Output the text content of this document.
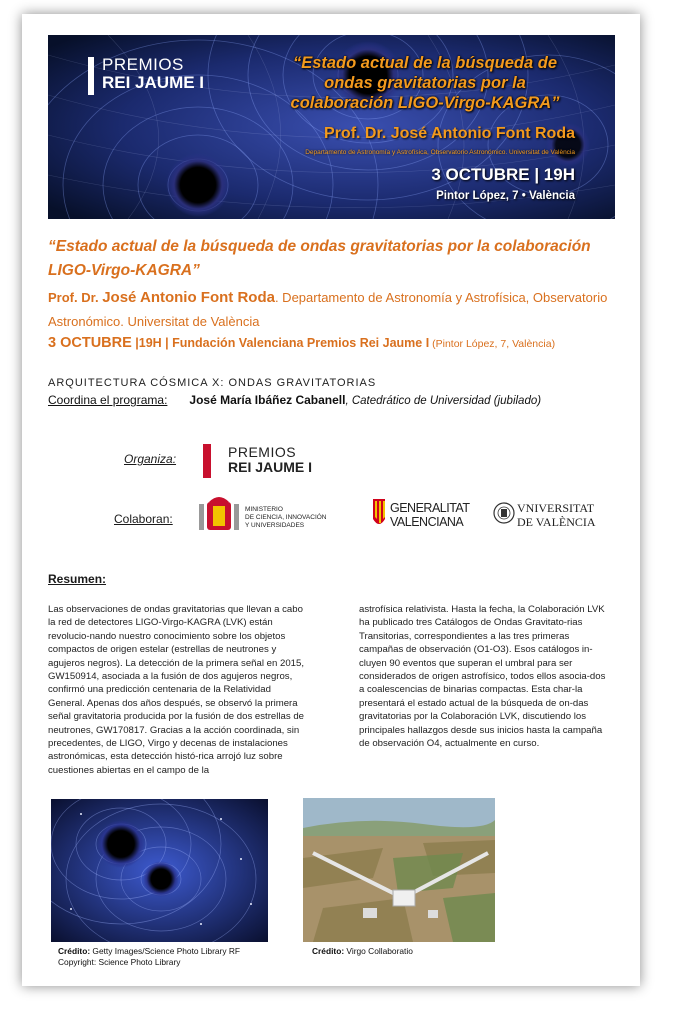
PREMIOS
REI JAUME I
“Estado actual de la búsqueda de ondas gravitatorias por la colaboración LIGO-Virgo-KAGRA”
Prof. Dr. José Antonio Font Roda
Departamento de Astronomía y Astrofísica, Observatorio Astronómico. Universitat de València
3 OCTUBRE | 19H
Pintor López, 7 • València
“Estado actual de la búsqueda de ondas gravitatorias por la colaboración LIGO-Virgo-KAGRA”
Prof. Dr. José Antonio Font Roda. Departamento de Astronomía y Astrofísica, Observatorio Astronómico. Universitat de València
3 OCTUBRE |19H | Fundación Valenciana Premios Rei Jaume I (Pintor López, 7, València)
ARQUITECTURA CÓSMICA X: ONDAS GRAVITATORIAS
Coordina el programa: José María Ibáñez Cabanell, Catedrático de Universidad (jubilado)
Organiza:	PREMIOS
REI JAUME I
Colaboran:
MINISTERIO
DE CIENCIA, INNOVACIÓN
Y UNIVERSIDADES
GENERALITAT
VALENCIANA
VNIVERSITAT
DE VALÈNCIA
Resumen:
Las observaciones de ondas gravitatorias que llevan a cabo la red de detectores LIGO-Virgo-KAGRA (LVK) están revolucio-nando nuestro conocimiento sobre los objetos compactos de origen estelar (estrellas de neutrones y agujeros negros). La detección de la primera señal en 2015, GW150914, asociada a la fusión de dos agujeros negros, confirmó una predicción centenaria de la Relatividad General. Apenas dos años después, se observó la primera señal gravitatoria producida por la fusión de dos estrellas de neutrones, GW170817. Gracias a la acción coordinada, sin precedentes, de LIGO, Virgo y decenas de instalaciones astronómicas, esta detección histó-rica arrojó luz sobre cuestiones abiertas en el campo de la
astrofísica relativista. Hasta la fecha, la Colaboración LVK ha publicado tres Catálogos de Ondas Gravitato-rias Transitorias, correspondientes a las tres primeras campañas de observación (O1-O3). Esos catálogos in-cluyen 90 eventos que superan el umbral para ser considerados de origen astrofísico, todos ellos asocia-dos a coalescencias de binarias compactas. Esta char-la presentará el estado actual de la búsqueda de on-das gravitatorias por la Colaboración LVK, discutiendo los principales hallazgos desde sus inicios hasta la campaña de observación O4, actualmente en curso.
Crédito: Getty Images/Science Photo Library RF
Copyright: Science Photo Library
Crédito: Virgo Collaboratio
